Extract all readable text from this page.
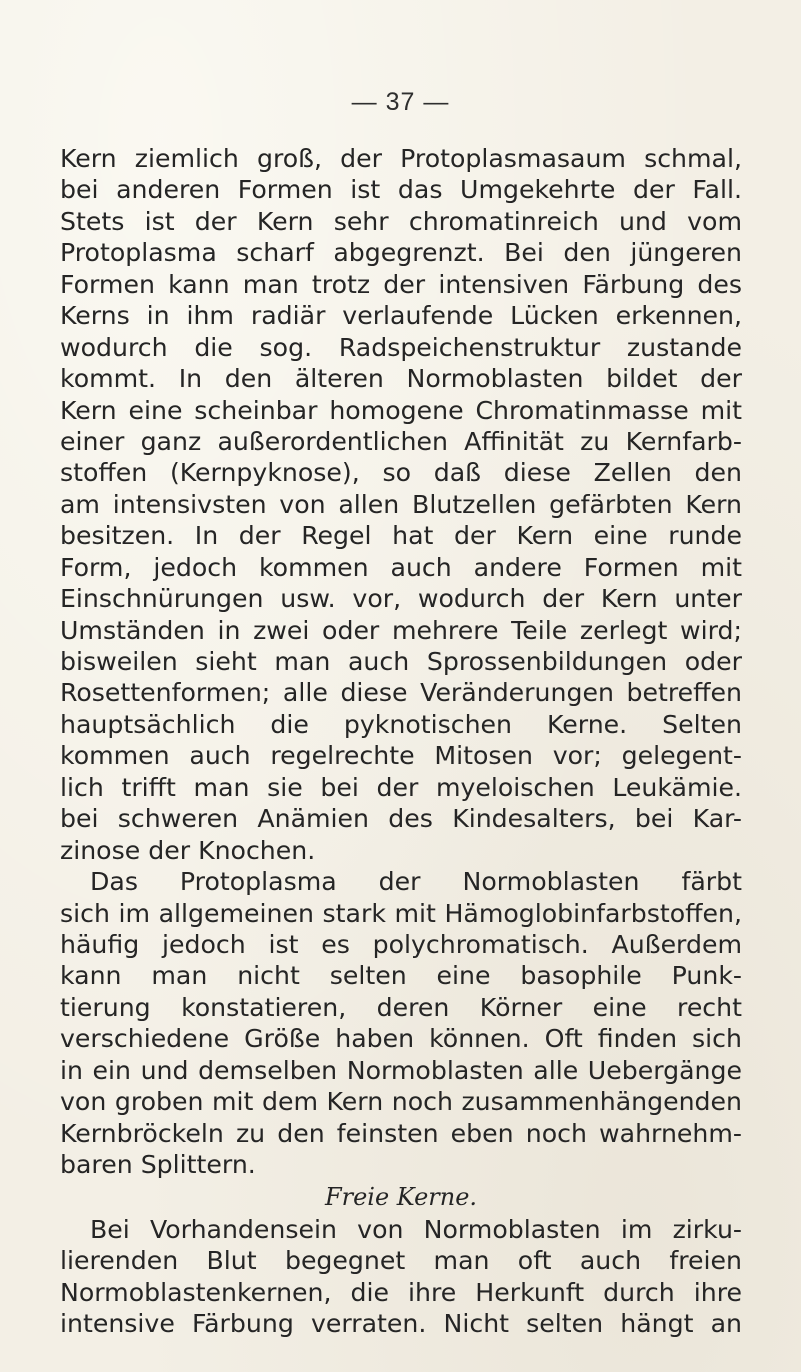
— 37 —
Kern ziemlich groß, der Protoplasmasaum schmal,
bei anderen Formen ist das Umgekehrte der Fall.
Stets ist der Kern sehr chromatinreich und vom
Protoplasma scharf abgegrenzt. Bei den jüngeren
Formen kann man trotz der intensiven Färbung des
Kerns in ihm radiär verlaufende Lücken erkennen,
wodurch die sog. Radspeichenstruktur zustande
kommt. In den älteren Normoblasten bildet der
Kern eine scheinbar homogene Chromatinmasse mit
einer ganz außerordentlichen Affinität zu Kernfarb-
stoffen (Kernpyknose), so daß diese Zellen den
am intensivsten von allen Blutzellen gefärbten Kern
besitzen. In der Regel hat der Kern eine runde
Form, jedoch kommen auch andere Formen mit
Einschnürungen usw. vor, wodurch der Kern unter
Umständen in zwei oder mehrere Teile zerlegt wird;
bisweilen sieht man auch Sprossenbildungen oder
Rosettenformen; alle diese Veränderungen betreffen
hauptsächlich die pyknotischen Kerne. Selten
kommen auch regelrechte Mitosen vor; gelegent-
lich trifft man sie bei der myeloischen Leukämie.
bei schweren Anämien des Kindesalters, bei Kar-
zinose der Knochen.
Das Protoplasma der Normoblasten färbt
sich im allgemeinen stark mit Hämoglobinfarbstoffen,
häufig jedoch ist es polychromatisch. Außerdem
kann man nicht selten eine basophile Punk-
tierung konstatieren, deren Körner eine recht
verschiedene Größe haben können. Oft finden sich
in ein und demselben Normoblasten alle Uebergänge
von groben mit dem Kern noch zusammenhängenden
Kernbröckeln zu den feinsten eben noch wahrnehm-
baren Splittern.
Freie Kerne.
Bei Vorhandensein von Normoblasten im zirku-
lierenden Blut begegnet man oft auch freien
Normoblastenkernen, die ihre Herkunft durch ihre
intensive Färbung verraten. Nicht selten hängt an
